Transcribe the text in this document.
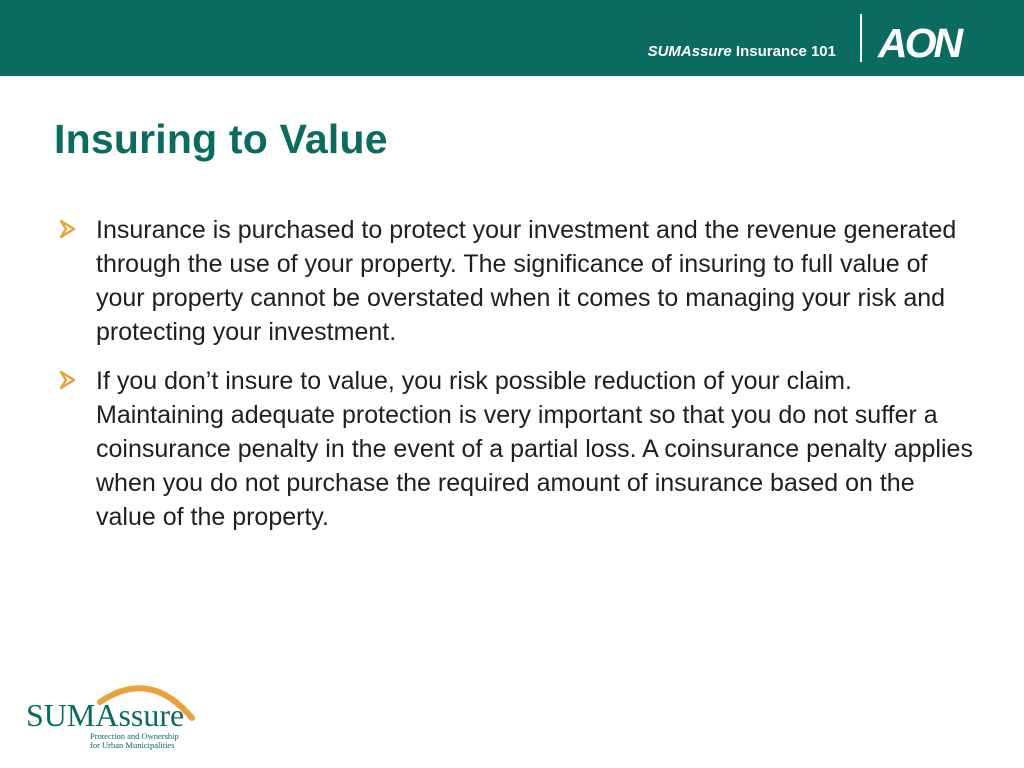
SUMAssure Insurance 101 AON
Insuring to Value
Insurance is purchased to protect your investment and the revenue generated through the use of your property. The significance of insuring to full value of your property cannot be overstated when it comes to managing your risk and protecting your investment.
If you don’t insure to value, you risk possible reduction of your claim. Maintaining adequate protection is very important so that you do not suffer a coinsurance penalty in the event of a partial loss. A coinsurance penalty applies when you do not purchase the required amount of insurance based on the value of the property.
SUMAssure
Protection and Ownership
for Urban Municipalities
